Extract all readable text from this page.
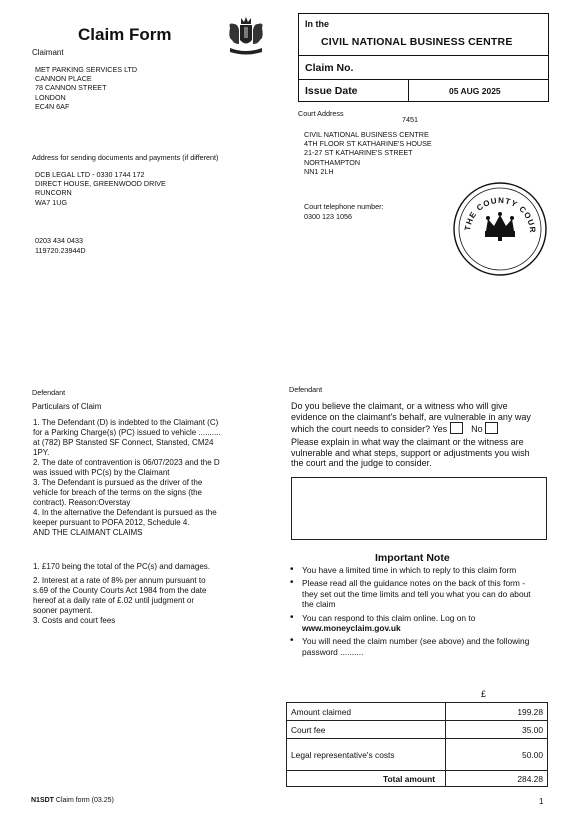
Claim Form
Claimant
MET PARKING SERVICES LTD
CANNON PLACE
78 CANNON STREET
LONDON
EC4N 6AF
Address for sending documents and payments (if different)
DCB LEGAL LTD - 0330 1744 172
DIRECT HOUSE, GREENWOOD DRIVE
RUNCORN
WA7 1UG
0203 434 0433
119720.23944D
In the
CIVIL NATIONAL BUSINESS CENTRE
Claim No.
Issue Date	05 AUG 2025
Court Address
7451
CIVIL NATIONAL BUSINESS CENTRE
4TH FLOOR ST KATHARINE'S HOUSE
21-27 ST KATHARINE'S STREET
NORTHAMPTON
NN1 2LH
Court telephone number:
0300 123 1056
THE COUNTY COUR
Defendant
Particulars of Claim
1. The Defendant (D) is indebted to the Claimant (C) for a Parking Charge(s) (PC) issued to vehicle .......... at (782) BP Stansted SF Connect, Stansted, CM24 1PY.
2. The date of contravention is 06/07/2023 and the D was issued with PC(s) by the Claimant
3. The Defendant is pursued as the driver of the vehicle for breach of the terms on the signs (the contract). Reason:Overstay
4. In the alternative the Defendant is pursued as the keeper pursuant to POFA 2012, Schedule 4.
AND THE CLAIMANT CLAIMS
1. £170 being the total of the PC(s) and damages.
2. Interest at a rate of 8% per annum pursuant to s.69 of the County Courts Act 1984 from the date hereof at a daily rate of £.02 until judgment or sooner payment.
3. Costs and court fees
Defendant
Do you believe the claimant, or a witness who will give evidence on the claimant's behalf, are vulnerable in any way which the court needs to consider? Yes	No
Please explain in what way the claimant or the witness are vulnerable and what steps, support or adjustments you wish the court and the judge to consider.
Important Note
• You have a limited time in which to reply to this claim form
• Please read all the guidance notes on the back of this form - they set out the time limits and tell you what you can do about the claim
• You can respond to this claim online. Log on to
www.moneyclaim.gov.uk
• You will need the claim number (see above) and the following password ..........
£
Amount claimed	199.28
Court fee	35.00
Legal representative's costs	50.00
Total amount	284.28
N1SDT Claim form (03.25)	1
